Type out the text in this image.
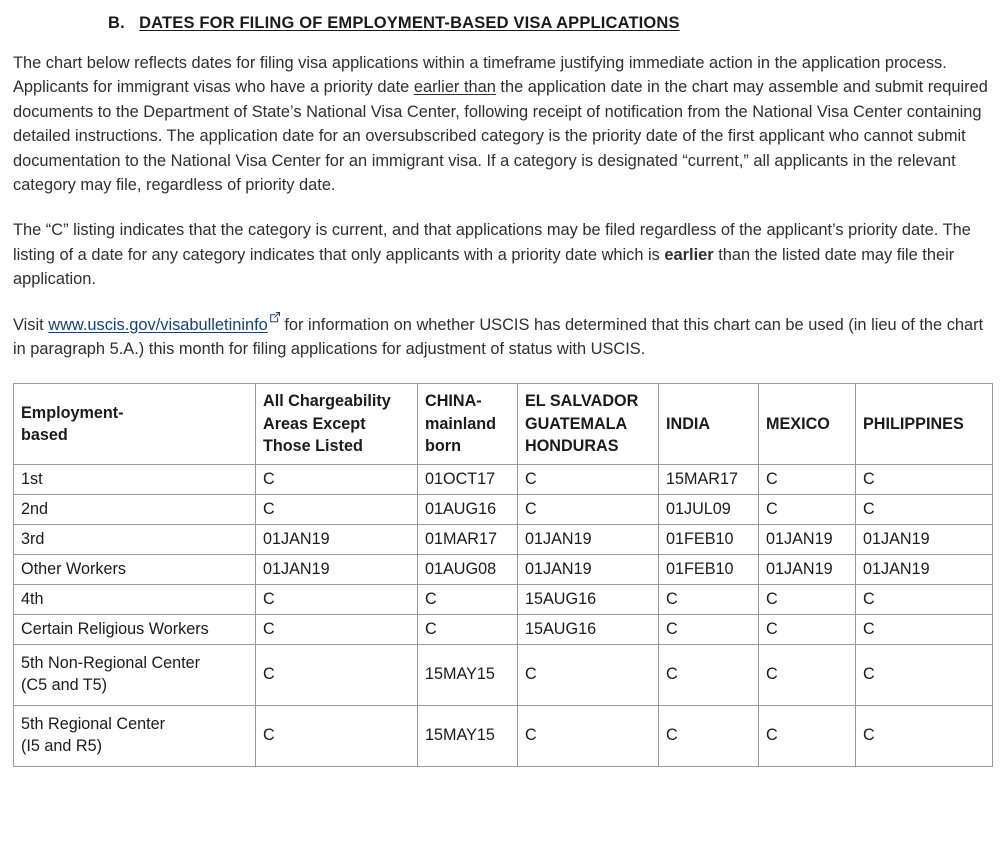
B. DATES FOR FILING OF EMPLOYMENT-BASED VISA APPLICATIONS

The chart below reflects dates for filing visa applications within a timeframe justifying immediate action in the application process. Applicants for immigrant visas who have a priority date earlier than the application date in the chart may assemble and submit required documents to the Department of State’s National Visa Center, following receipt of notification from the National Visa Center containing detailed instructions. The application date for an oversubscribed category is the priority date of the first applicant who cannot submit documentation to the National Visa Center for an immigrant visa. If a category is designated “current,” all applicants in the relevant category may file, regardless of priority date.

The “C” listing indicates that the category is current, and that applications may be filed regardless of the applicant’s priority date. The listing of a date for any category indicates that only applicants with a priority date which is earlier than the listed date may file their application.

Visit www.uscis.gov/visabulletininfo
for information on whether USCIS has determined that this chart can be used (in lieu of the chart in paragraph 5.A.) this month for filing applications for adjustment of status with USCIS.

Employment-
based	All Chargeability
Areas Except
Those Listed	CHINA-
mainland
born	EL SALVADOR
GUATEMALA
HONDURAS	INDIA	MEXICO	PHILIPPINES
1st	C	01OCT17	C	15MAR17	C	C
2nd	C	01AUG16	C	01JUL09	C	C
3rd	01JAN19	01MAR17	01JAN19	01FEB10	01JAN19	01JAN19
Other Workers	01JAN19	01AUG08	01JAN19	01FEB10	01JAN19	01JAN19
4th	C	C	15AUG16	C	C	C
Certain Religious Workers	C	C	15AUG16	C	C	C
5th Non-Regional Center
(C5 and T5)	C	15MAY15	C	C	C	C
5th Regional Center
(I5 and R5)	C	15MAY15	C	C	C	C
